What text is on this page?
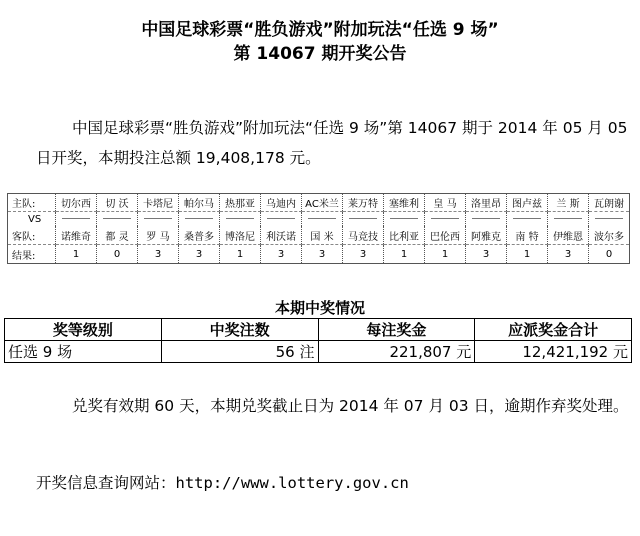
中国足球彩票“胜负游戏”附加玩法“任选 9 场”
第 14067 期开奖公告
中国足球彩票“胜负游戏”附加玩法“任选 9 场”第 14067 期于 2014 年 05 月 05 日开奖，本期投注总额 19,408,178 元。
主队:	切尔西	切 沃	卡塔尼	帕尔马	热那亚	乌迪内	AC米兰	莱万特	塞维利	皇 马	洛里昂	图卢兹	兰 斯	瓦朗谢
VS														
客队:	诺维奇	都 灵	罗 马	桑普多	博洛尼	利沃诺	国 米	马竞技	比利亚	巴伦西	阿雅克	南 特	伊维恩	波尔多
结果:	1	0	3	3	1	3	3	3	1	1	3	1	3	0
本期中奖情况
奖等级别	中奖注数	每注奖金	应派奖金合计
任选 9 场	56 注	221,807 元	12,421,192 元
兑奖有效期 60 天，本期兑奖截止日为 2014 年 07 月 03 日，逾期作弃奖处理。
开奖信息查询网站：http://www.lottery.gov.cn
